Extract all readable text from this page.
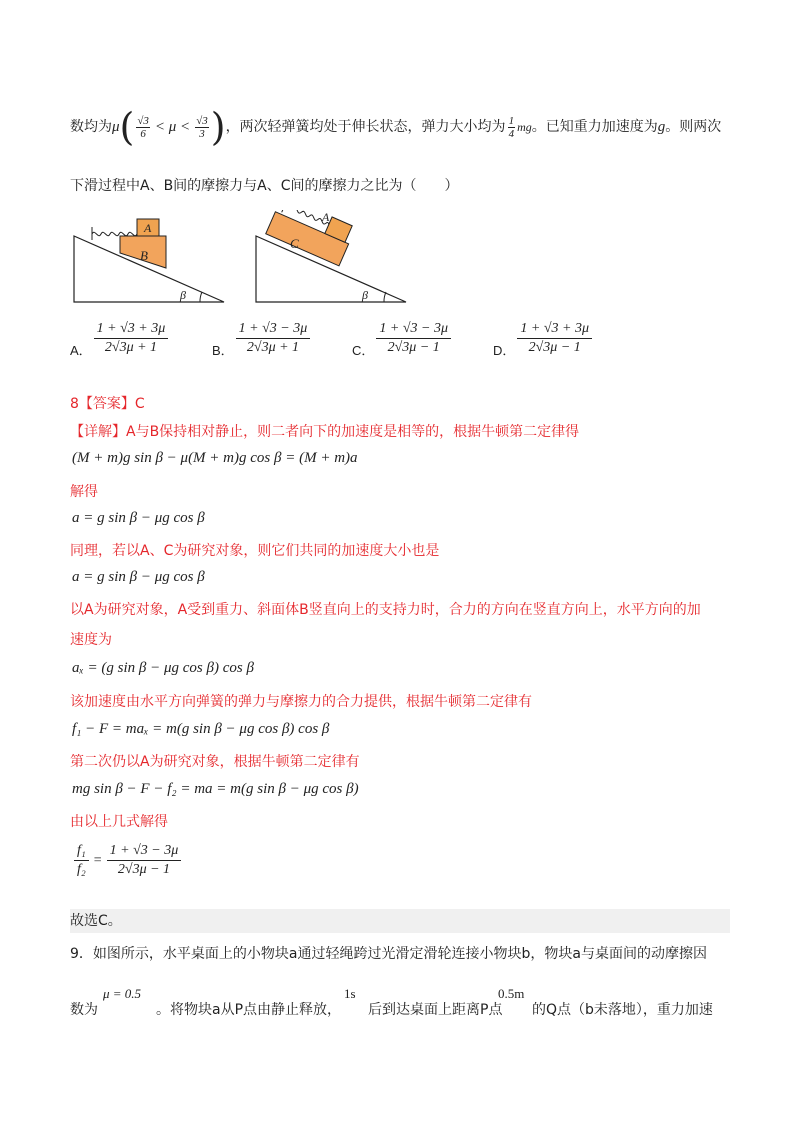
数均为 μ ( $\frac{√3}{6} < \mu < \frac{√3}{3}$ ) ，两次轻弹簧均处于伸长状态，弹力大小均为 $\frac{1}{4}$ mg 。已知重力加速度为 g 。则两次
下滑过程中A、B间的摩擦力与A、C间的摩擦力之比为（　　）
A
B
β
A
C
β
A． $\frac{1 + √3 + 3\mu}{2√3\mu + 1}$	B． $\frac{1 + √3 - 3\mu}{2√3\mu + 1}$	C． $\frac{1 + √3 - 3\mu}{2√3\mu - 1}$	D． $\frac{1 + √3 + 3\mu}{2√3\mu - 1}$
8【答案】C
【详解】A与B保持相对静止，则二者向下的加速度是相等的，根据牛顿第二定律得
(M + m)g sin β − μ(M + m)g cos β = (M + m)a
解得
a = g sin β − μg cos β
同理，若以A、C为研究对象，则它们共同的加速度大小也是
a = g sin β − μg cos β
以A为研究对象，A受到重力、斜面体B竖直向上的支持力时，合力的方向在竖直方向上，水平方向的加
速度为
aₓ = (g sin β − μg cos β) cos β
该加速度由水平方向弹簧的弹力与摩擦力的合力提供，根据牛顿第二定律有
f₁ − F = maₓ = m(g sin β − μg cos β) cos β
第二次仍以A为研究对象，根据牛顿第二定律有
mg sin β − F − f₂ = ma = m(g sin β − μg cos β)
由以上几式解得
$\frac{\text{f₁}}{\text{f₂}} = \frac{1 + √3 - 3\mu}{2√3\mu - 1}$
故选C。
9．如图所示，水平桌面上的小物块a通过轻绳跨过光滑定滑轮连接小物块b，物块a与桌面间的动摩擦因
数为
μ = 0.5
。将物块a从P点由静止释放，
1s
后到达桌面上距离P点
0.5m
的Q点（b未落地），重力加速
